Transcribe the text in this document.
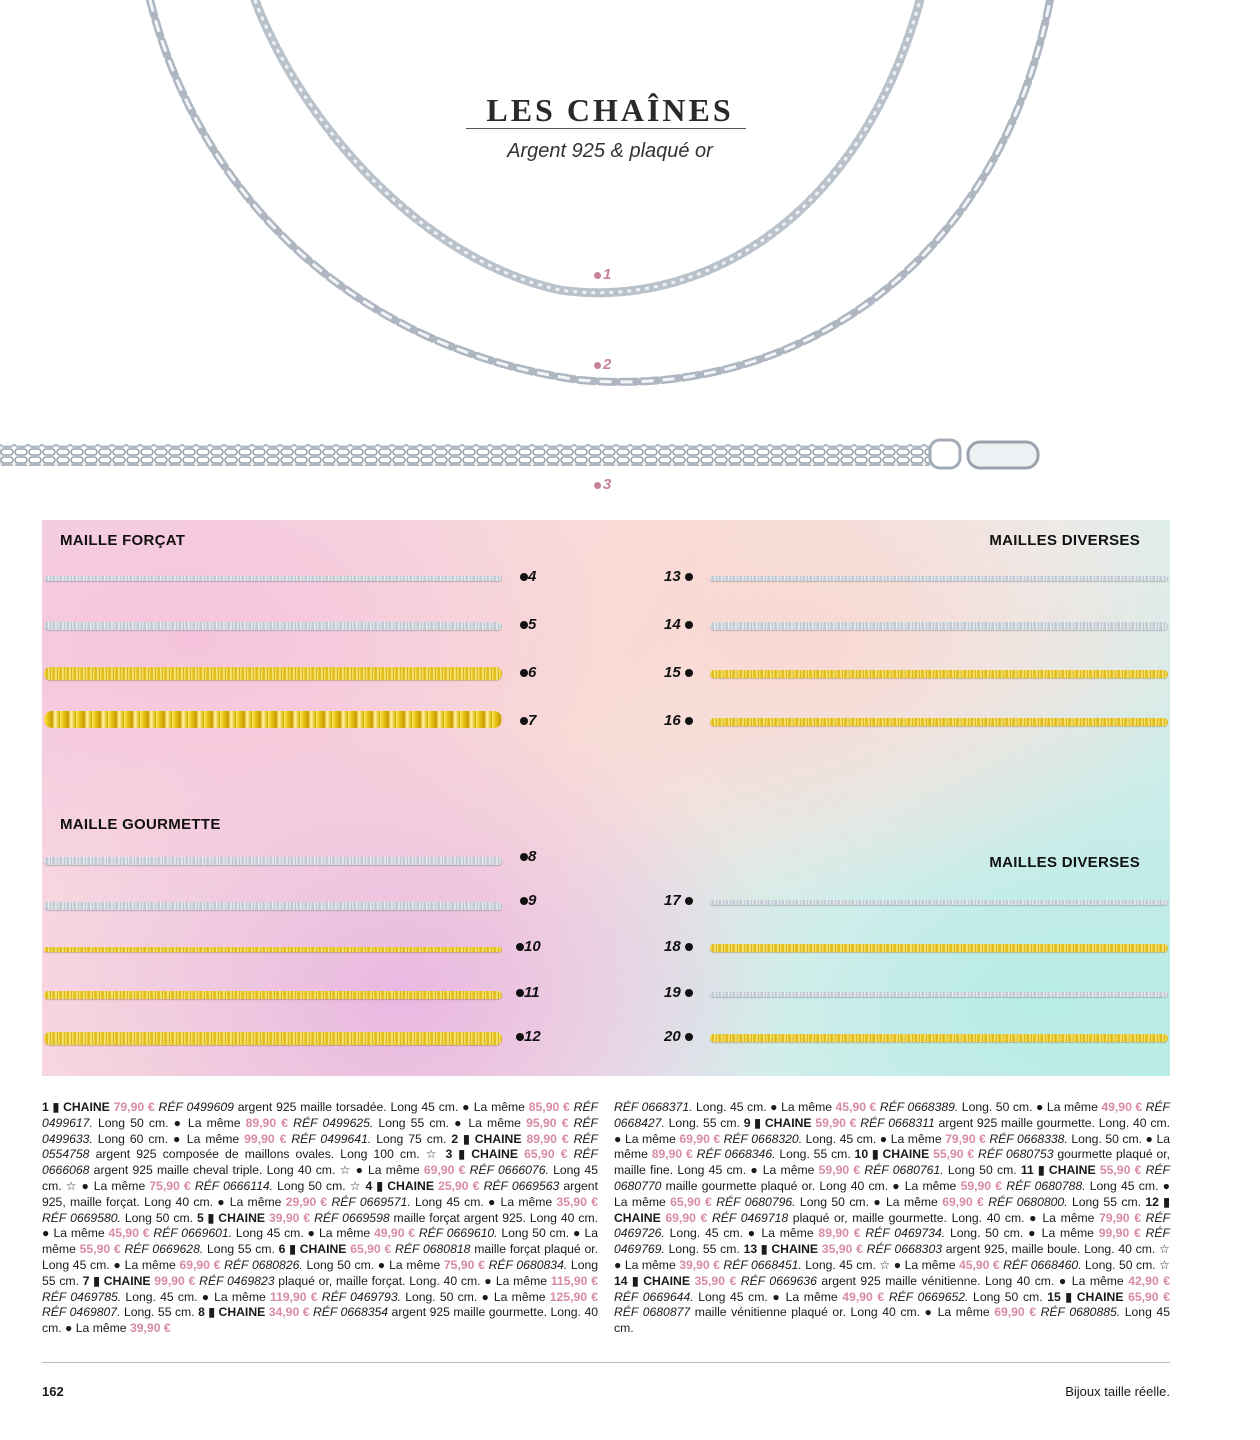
LES CHAÎNES
Argent 925 & plaqué or
1
2
3
MAILLE FORÇAT	MAILLES DIVERSES
MAILLE GOURMETTE
MAILLES DIVERSES
4
5
6
7
8
9
10
11
12
13
14
15
16
17
18
19
20
1 ▮ CHAINE 79,90 € RÉF 0499609 argent 925 maille torsadée. Long 45 cm. ● La même 85,90 € RÉF 0499617. Long 50 cm. ● La même 89,90 € RÉF 0499625. Long 55 cm. ● La même 95,90 € RÉF 0499633. Long 60 cm. ● La même 99,90 € RÉF 0499641. Long 75 cm. 2 ▮ CHAINE 89,90 € RÉF 0554758 argent 925 composée de maillons ovales. Long 100 cm. ☆ 3 ▮ CHAINE 65,90 € RÉF 0666068 argent 925 maille cheval triple. Long 40 cm. ☆ ● La même 69,90 € RÉF 0666076. Long 45 cm. ☆ ● La même 75,90 € RÉF 0666114. Long 50 cm. ☆ 4 ▮ CHAINE 25,90 € RÉF 0669563 argent 925, maille forçat. Long 40 cm. ● La même 29,90 € RÉF 0669571. Long 45 cm. ● La même 35,90 € RÉF 0669580. Long 50 cm. 5 ▮ CHAINE 39,90 € RÉF 0669598 maille forçat argent 925. Long 40 cm. ● La même 45,90 € RÉF 0669601. Long 45 cm. ● La même 49,90 € RÉF 0669610. Long 50 cm. ● La même 55,90 € RÉF 0669628. Long 55 cm. 6 ▮ CHAINE 65,90 € RÉF 0680818 maille forçat plaqué or. Long 45 cm. ● La même 69,90 € RÉF 0680826. Long 50 cm. ● La même 75,90 € RÉF 0680834. Long 55 cm. 7 ▮ CHAINE 99,90 € RÉF 0469823 plaqué or, maille forçat. Long. 40 cm. ● La même 115,90 € RÉF 0469785. Long. 45 cm. ● La même 119,90 € RÉF 0469793. Long. 50 cm. ● La même 125,90 € RÉF 0469807. Long. 55 cm. 8 ▮ CHAINE 34,90 € RÉF 0668354 argent 925 maille gourmette. Long. 40 cm. ● La même 39,90 €
RÉF 0668371. Long. 45 cm. ● La même 45,90 € RÉF 0668389. Long. 50 cm. ● La même 49,90 € RÉF 0668427. Long. 55 cm. 9 ▮ CHAINE 59,90 € RÉF 0668311 argent 925 maille gourmette. Long. 40 cm. ● La même 69,90 € RÉF 0668320. Long. 45 cm. ● La même 79,90 € RÉF 0668338. Long. 50 cm. ● La même 89,90 € RÉF 0668346. Long. 55 cm. 10 ▮ CHAINE 55,90 € RÉF 0680753 gourmette plaqué or, maille fine. Long 45 cm. ● La même 59,90 € RÉF 0680761. Long 50 cm. 11 ▮ CHAINE 55,90 € RÉF 0680770 maille gourmette plaqué or. Long 40 cm. ● La même 59,90 € RÉF 0680788. Long 45 cm. ● La même 65,90 € RÉF 0680796. Long 50 cm. ● La même 69,90 € RÉF 0680800. Long 55 cm. 12 ▮ CHAINE 69,90 € RÉF 0469718 plaqué or, maille gourmette. Long. 40 cm. ● La même 79,90 € RÉF 0469726. Long. 45 cm. ● La même 89,90 € RÉF 0469734. Long. 50 cm. ● La même 99,90 € RÉF 0469769. Long. 55 cm. 13 ▮ CHAINE 35,90 € RÉF 0668303 argent 925, maille boule. Long. 40 cm. ☆ ● La même 39,90 € RÉF 0668451. Long. 45 cm. ☆ ● La même 45,90 € RÉF 0668460. Long. 50 cm. ☆ 14 ▮ CHAINE 35,90 € RÉF 0669636 argent 925 maille vénitienne. Long 40 cm. ● La même 42,90 € RÉF 0669644. Long 45 cm. ● La même 49,90 € RÉF 0669652. Long 50 cm. 15 ▮ CHAINE 65,90 € RÉF 0680877 maille vénitienne plaqué or. Long 40 cm. ● La même 69,90 € RÉF 0680885. Long 45 cm.
162	Bijoux taille réelle.
